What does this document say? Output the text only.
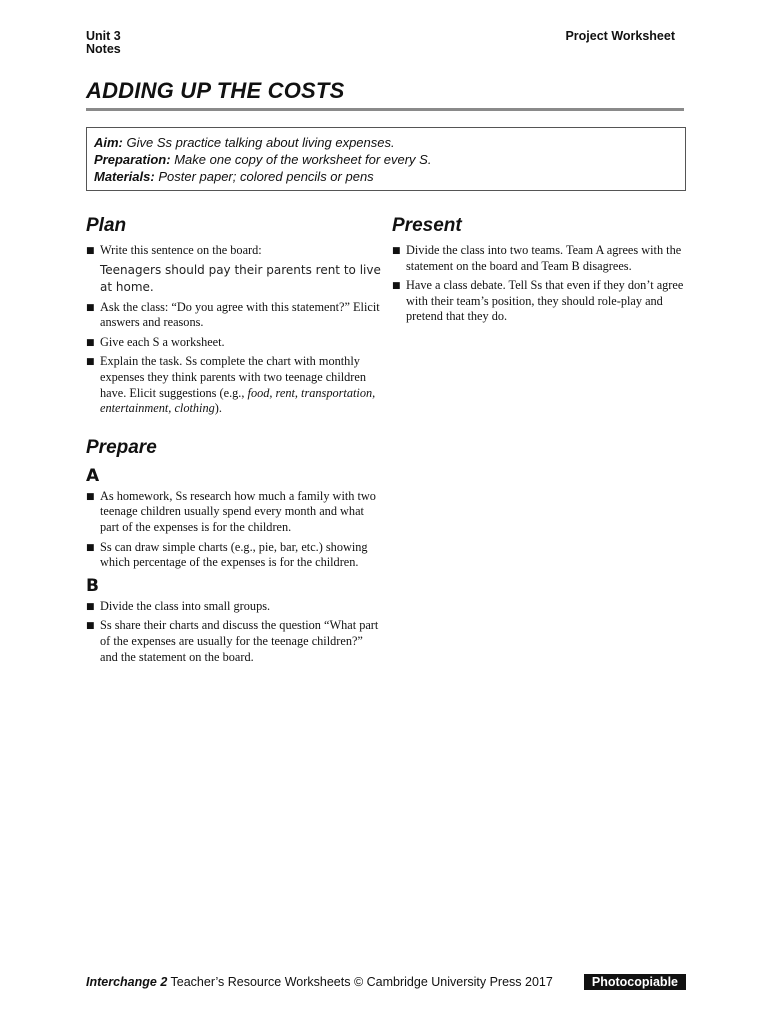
Unit 3
Notes
Project Worksheet
ADDING UP THE COSTS
Aim: Give Ss practice talking about living expenses.
Preparation: Make one copy of the worksheet for every S.
Materials: Poster paper; colored pencils or pens
Plan
■ Write this sentence on the board:
Teenagers should pay their parents rent to live at home.
■ Ask the class: “Do you agree with this statement?” Elicit answers and reasons.
■ Give each S a worksheet.
■ Explain the task. Ss complete the chart with monthly expenses they think parents with two teenage children have. Elicit suggestions (e.g., food, rent, transportation, entertainment, clothing).
Prepare
A
■ As homework, Ss research how much a family with two teenage children usually spend every month and what part of the expenses is for the children.
■ Ss can draw simple charts (e.g., pie, bar, etc.) showing which percentage of the expenses is for the children.
B
■ Divide the class into small groups.
■ Ss share their charts and discuss the question “What part of the expenses are usually for the teenage children?” and the statement on the board.
Present
■ Divide the class into two teams. Team A agrees with the statement on the board and Team B disagrees.
■ Have a class debate. Tell Ss that even if they don’t agree with their team’s position, they should role-play and pretend that they do.
Interchange 2 Teacher’s Resource Worksheets © Cambridge University Press 2017	Photocopiable
